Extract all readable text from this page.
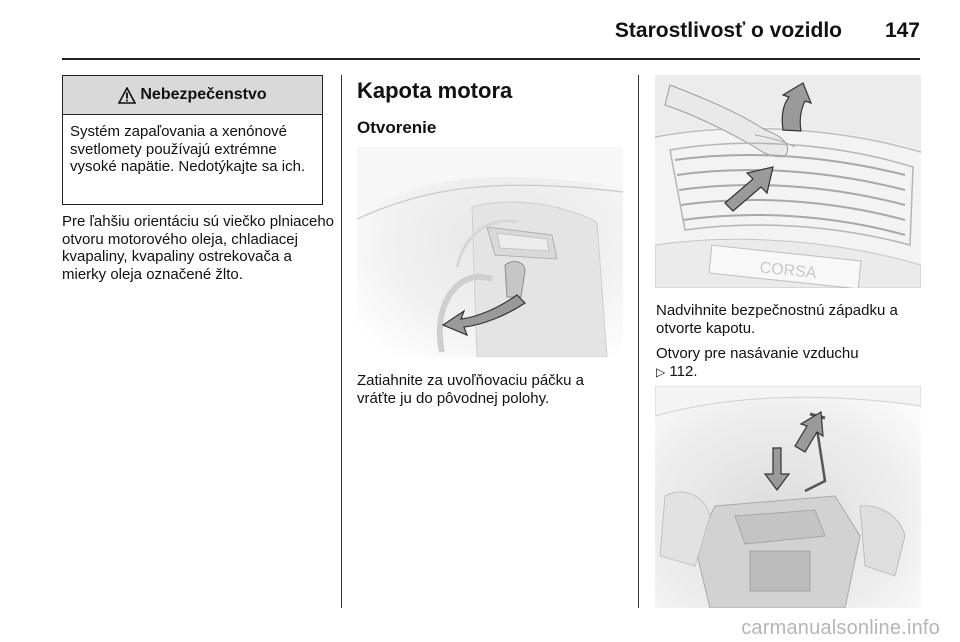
Starostlivosť o vozidlo 147
Nebezpečenstvo
Systém zapaľovania a xenónové svetlomety používajú extrémne vysoké napätie. Nedotýkajte sa ich.
Pre ľahšiu orientáciu sú viečko plniaceho otvoru motorového oleja, chladiacej kvapaliny, kvapaliny ostrekovača a mierky oleja označené žlto.
Kapota motora
Otvorenie
Zatiahnite za uvoľňovaciu páčku a vráťte ju do pôvodnej polohy.
CORSA
Nadvihnite bezpečnostnú západku a otvorte kapotu.
Otvory pre nasávanie vzduchu
▷ 112.
carmanualsonline.info
